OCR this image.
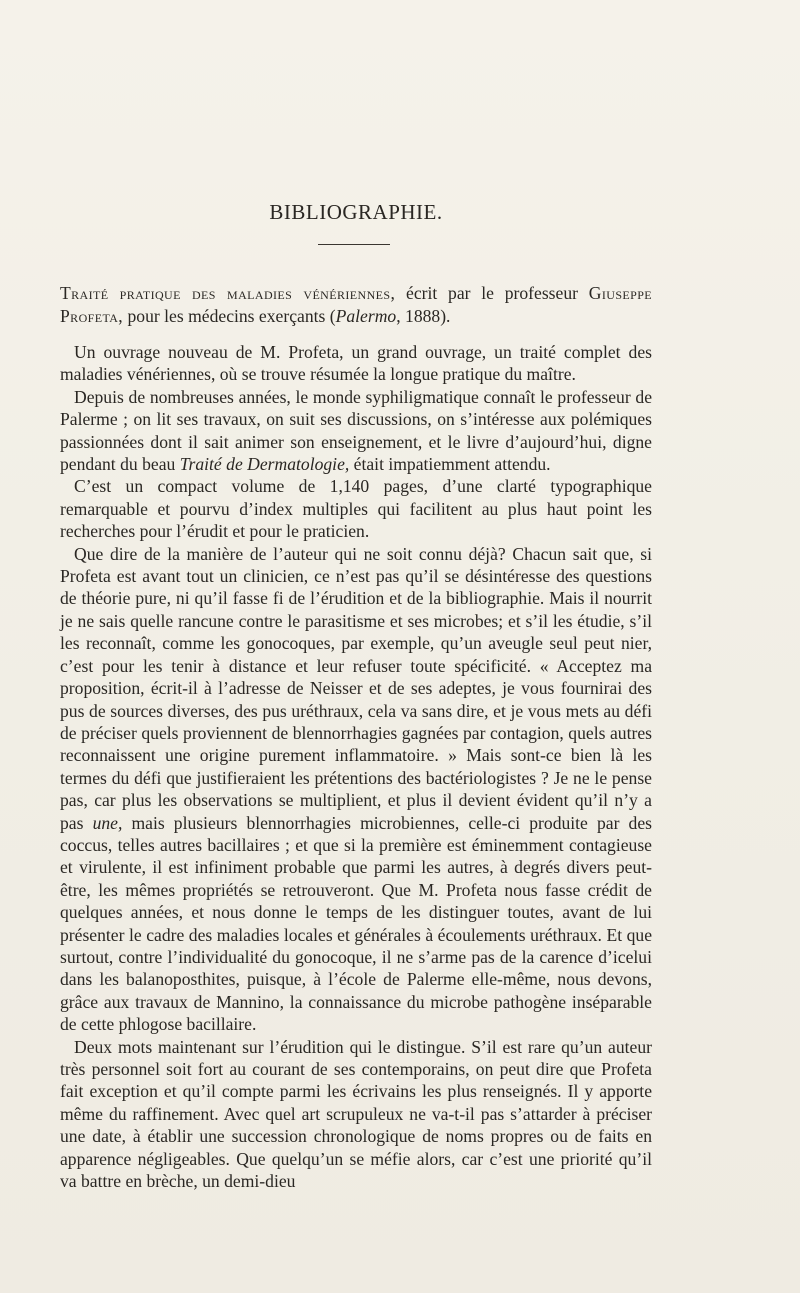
BIBLIOGRAPHIE.
Traité pratique des maladies vénériennes, écrit par le professeur Giuseppe Profeta, pour les médecins exerçants (Palermo, 1888).

Un ouvrage nouveau de M. Profeta, un grand ouvrage, un traité complet des maladies vénériennes, où se trouve résumée la longue pratique du maître.

Depuis de nombreuses années, le monde syphiligmatique connaît le professeur de Palerme ; on lit ses travaux, on suit ses discussions, on s’intéresse aux polémiques passionnées dont il sait animer son enseignement, et le livre d’aujourd’hui, digne pendant du beau Traité de Dermatologie, était impatiemment attendu.

C’est un compact volume de 1,140 pages, d’une clarté typographique remarquable et pourvu d’index multiples qui facilitent au plus haut point les recherches pour l’érudit et pour le praticien.

Que dire de la manière de l’auteur qui ne soit connu déjà? Chacun sait que, si Profeta est avant tout un clinicien, ce n’est pas qu’il se désintéresse des questions de théorie pure, ni qu’il fasse fi de l’érudition et de la bibliographie. Mais il nourrit je ne sais quelle rancune contre le parasitisme et ses microbes; et s’il les étudie, s’il les reconnaît, comme les gonocoques, par exemple, qu’un aveugle seul peut nier, c’est pour les tenir à distance et leur refuser toute spécificité. « Acceptez ma proposition, écrit-il à l’adresse de Neisser et de ses adeptes, je vous fournirai des pus de sources diverses, des pus uréthraux, cela va sans dire, et je vous mets au défi de préciser quels proviennent de blennorrhagies gagnées par contagion, quels autres reconnaissent une origine purement inflammatoire. » Mais sont-ce bien là les termes du défi que justifieraient les prétentions des bactériologistes ? Je ne le pense pas, car plus les observations se multiplient, et plus il devient évident qu’il n’y a pas une, mais plusieurs blennorrhagies microbiennes, celle-ci produite par des coccus, telles autres bacillaires ; et que si la première est éminemment contagieuse et virulente, il est infiniment probable que parmi les autres, à degrés divers peut-être, les mêmes propriétés se retrouveront. Que M. Profeta nous fasse crédit de quelques années, et nous donne le temps de les distinguer toutes, avant de lui présenter le cadre des maladies locales et générales à écoulements uréthraux. Et que surtout, contre l’individualité du gonocoque, il ne s’arme pas de la carence d’icelui dans les balanoposthites, puisque, à l’école de Palerme elle-même, nous devons, grâce aux travaux de Mannino, la connaissance du microbe pathogène inséparable de cette phlogose bacillaire.

Deux mots maintenant sur l’érudition qui le distingue. S’il est rare qu’un auteur très personnel soit fort au courant de ses contemporains, on peut dire que Profeta fait exception et qu’il compte parmi les écrivains les plus renseignés. Il y apporte même du raffinement. Avec quel art scrupuleux ne va-t-il pas s’attarder à préciser une date, à établir une succession chronologique de noms propres ou de faits en apparence négligeables. Que quelqu’un se méfie alors, car c’est une priorité qu’il va battre en brèche, un demi-dieu
